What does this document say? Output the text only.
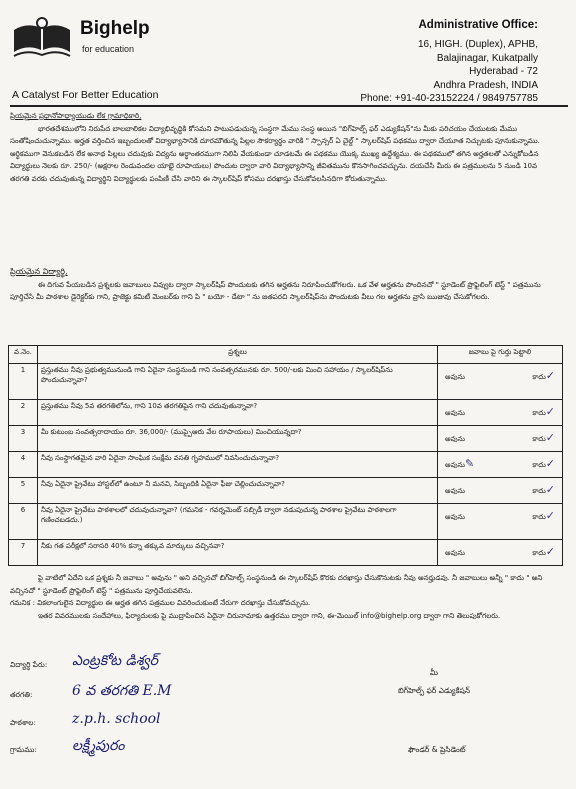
Bighelp
for education
A Catalyst For Better Education
Administrative Office:
16, HIGH. (Duplex), APHB,
Balajinagar, Kukatpally
Hyderabad - 72
Andhra Pradesh, INDIA
Phone: +91-40-23152224 / 9849757785

ప్రియమైన ప్రధానోపాధ్యాయుడు లేక గ్రామాధికారి,

భారతదేశములోని నిరుపేద బాలబాలికల విద్యాభివృద్ధికి కోసమని పాటుపడుచున్న సంస్థగా మేము సంస్థ అయిన "బిగ్‌హెల్ప్ ఫర్ ఎడ్యుకేషన్"ను మీకు పరిచయం చేయుటకు మేము సంతోషించుచున్నాము. అర్హత వర్తించిన ఇబ్బందులతో విద్యాభ్యాసానికి దూరమౌతున్న పిల్లల సౌకర్యార్థం వారికి " స్పాన్సర్ ఏ చైల్డ్ " స్కాలర్‌షిప్ పథకము ద్వారా చేయూత నిచ్చుటకు పూనుకున్నాము. ఆర్థికముగా వెనుకబడిన లేక అనాథ పిల్లలు చదువుకు విద్యను అర్ధాంతరముగా నిలిపి వేయకుండా చూడటమే ఈ పథకము యొక్క ముఖ్య ఉద్దేశ్యము. ఈ పథకములో తగిన అర్హతలతో ఎన్నుకోబడిన విద్యార్థులు నెలకు రూ. 250/- (అక్షరాల రెండువందల యాభై రూపాయలు) పొందుట ద్వారా వారి విద్యాభ్యాసాన్ని జీవితమును కొనసాగించవచ్చును. దయచేసి మీరు ఈ పత్రములను 5 నుండి 10వ తరగతి వరకు చదువుతున్న విద్యార్థిని విద్యార్థులకు పంపిణీ చేసి వారిని ఈ స్కాలర్‌షిప్ కోసము దరఖాస్తు చేసుకోవలసినదిగా కోరుతున్నాము.

ప్రియమైన విద్యార్థి,

ఈ దిగువ పేయబడిన ప్రశ్నలకు జవాబులు వివ్వుట ద్వారా స్కాలర్‌షిప్ పొందుటకు తగిన అర్హతను నిరూపించుకోగలరు. ఒక వేళ అర్హతను పొందినచో " స్టూడెంట్ ప్రొఫైలింగ్ టెస్ట్ " పత్రమును పూర్తిచేసి మీ పాఠశాల డైరెక్టర్‌కు గాని, ప్రాజెక్టు కమిటీ మెంబర్‌కు గాని పి " బయో - డేటా " ను జతపరచి స్కాలర్‌షిప్‌ను పొందుటకు వీలు గల అర్హతను వ్రాసి ఋజువు చేసుకోగలరు.

వ.నెం.	ప్రశ్నలు	జవాబు పై గుర్తు పెట్టాలి
1	ప్రస్తుతము నీవు ప్రభుత్వమునుండి గాని ఏదైనా సంస్థనుండి గాని సంవత్సరమునకు రూ. 500/-లకు మించి సహాయం / స్కాలర్‌షిప్‌ను పొందుచున్నావా?	అవును కాదు✓

2	ప్రస్తుతము నీవు 5వ తరగతిలోను, గాని 10వ తరగతిపైన గాని చదువుతున్నావా?	అవును కాదు✓

3	మీ కుటుంబ సంవత్సరాదాయం రూ. 36,000/- (ముప్పైఆరు వేల రూపాయలు) మించియున్నదా?	అవును కాదు✓

4	నీవు సంస్థాగతమైన వారి ఏదైనా సాంఘిక సంక్షేమ వసతి గృహములో నివసించుచున్నావా?	అవును✎ కాదు✓

5	నీవు ఏదైనా ప్రైవేటు హాస్టల్‌లో ఉంటూ నీ మనవి, సిబ్బందికి ఏదైనా ఫీజు చెల్లించుచున్నావా?	అవును కాదు✓

6	నీవు ఏదైనా ప్రైవేటు పాఠశాలలో చదువుచున్నావా? (గమనిక - గవర్నమెంట్ సబ్సిడీ ద్వారా నడుపుచున్న పాఠశాల ప్రైవేటు పాఠశాలగా గణించబడదు.)	అవును కాదు✓

7	నీకు గత పరీక్షలో సరాసరి 40% కన్నా తక్కువ మార్కులు వచ్చినవా?	అవును కాదు✓

పై వాటిలో ఏదేని ఒక ప్రశ్నకు నీ జవాబు " అవును " అని వచ్చినచో బిగ్‌హెల్ప్ సంస్థనుండి ఈ స్కాలర్‌షిప్ కొరకు దరఖాస్తు చేసుకొనుటకు నీవు అనర్హుడవు. నీ జవాబులు అన్నీ " కాదు " అని వచ్చినచో " స్టూడెంట్ ప్రొఫైలింగ్ టెస్ట్ " పత్రమును పూర్తిచేయవలెను.

గమనిక : వికలాంగులైన విద్యార్థుల ఈ అర్హత తగిన పత్రముల వివరించుకుంటే నేరుగా దరఖాస్తు చేసుకోవచ్చును.

ఇతర వివరములకు సందేహాలు, ఫిర్యాదులకు పై ముద్రాపించిన ఏదైనా చిరునామాకు ఉత్తరము ద్వారా గాని, ఈ-మెయిల్ info@bighelp.org ద్వారా గాని తెలుపుకోగలరు.

విద్యార్థి పేరు: ఎంట్రకోట డిశ్వర్
తరగతి:	6 వ తరగతి E.M
పాఠశాల:	z.p.h. school
గ్రామము:	లక్ష్మీపురం
మీ
బిగ్‌హెల్ప్ ఫర్ ఎడ్యుకేషన్
ఫౌండర్ & ప్రెసిడెంట్
